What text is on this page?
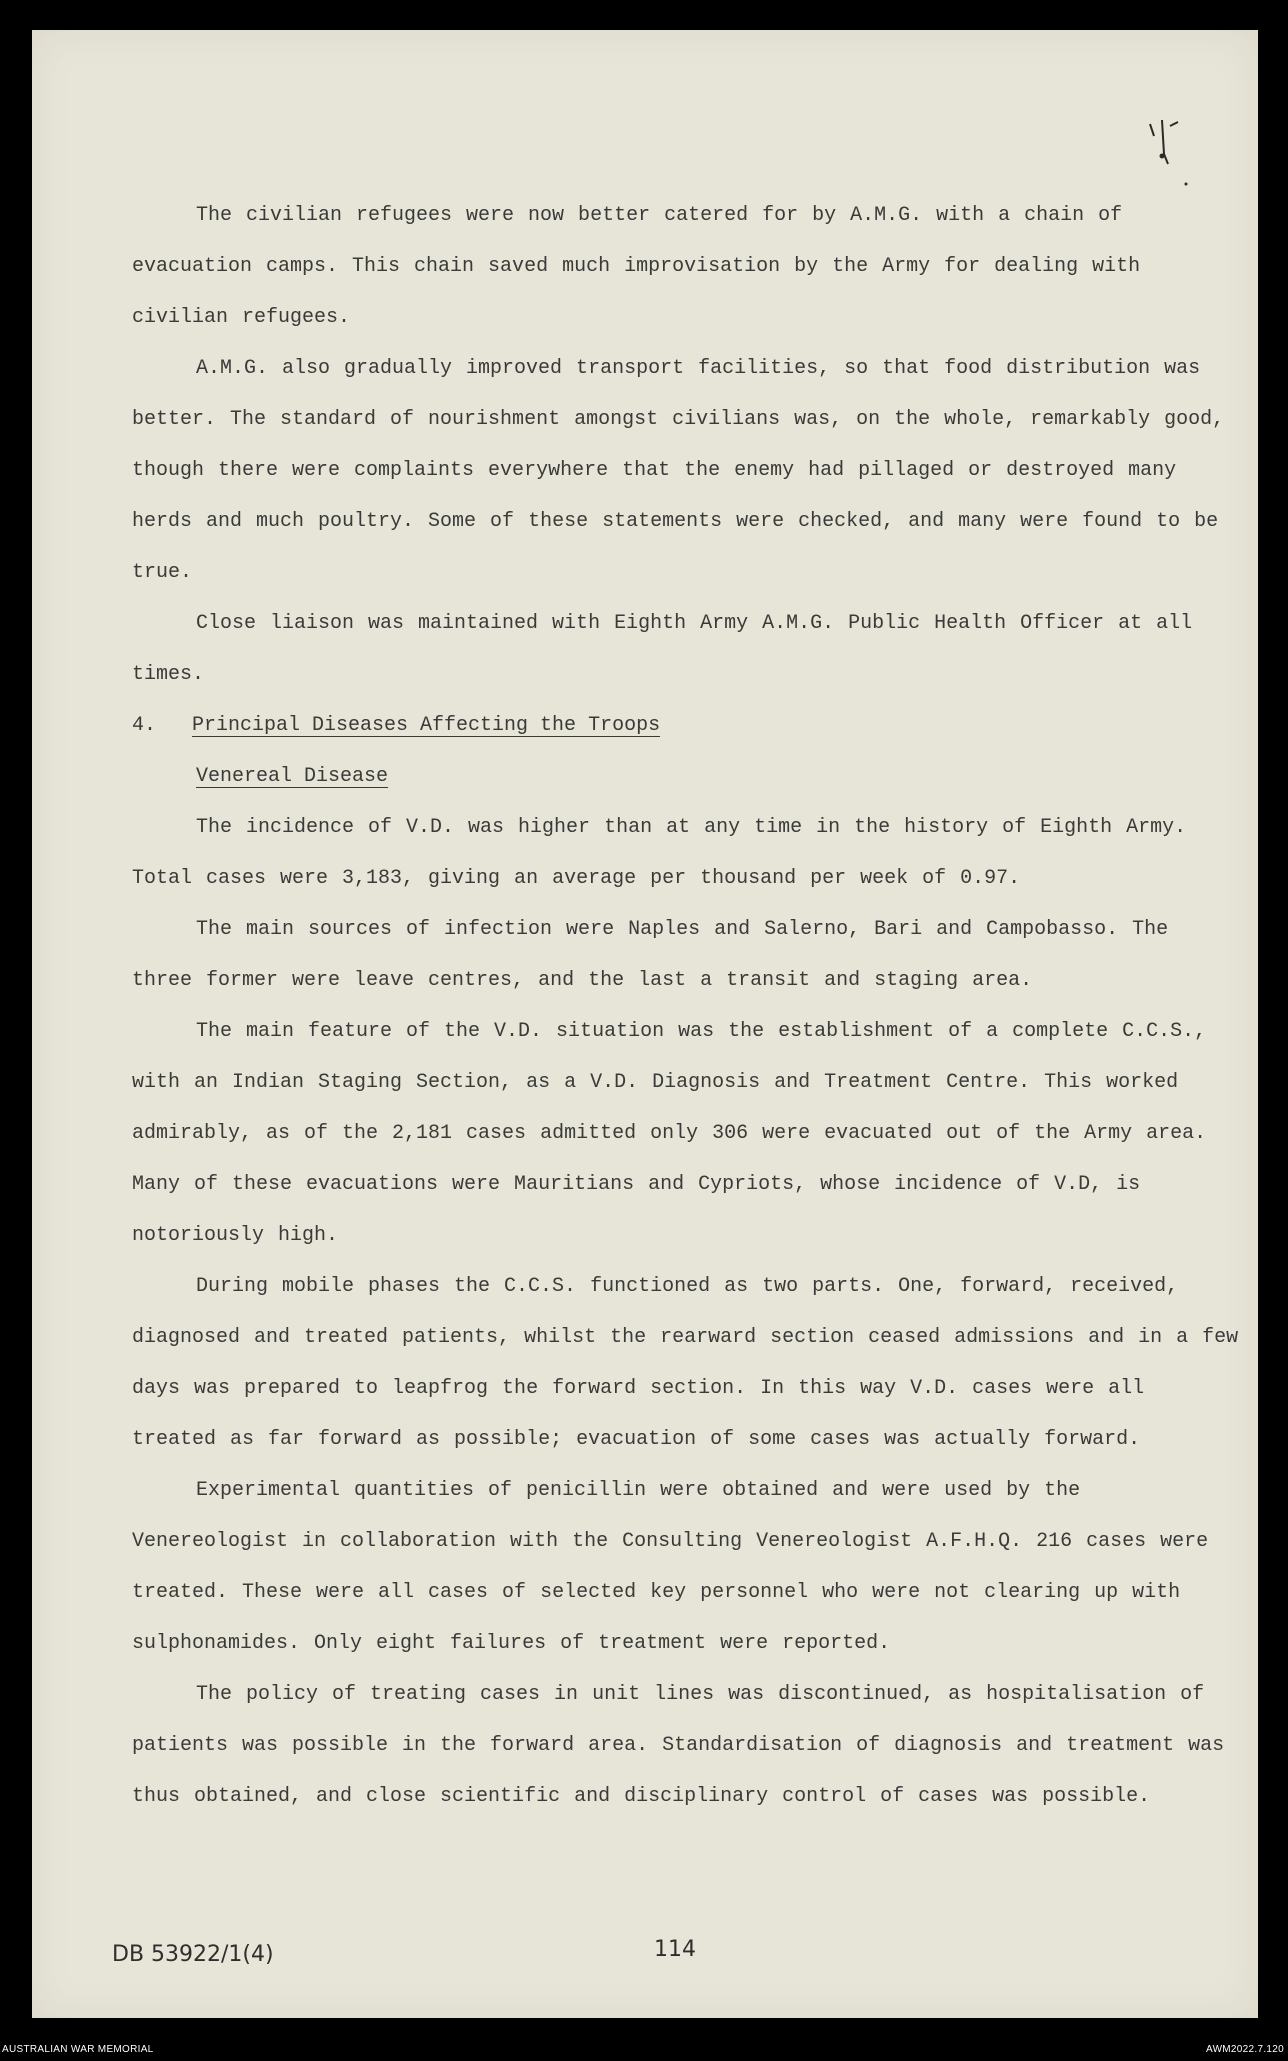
The civilian refugees were now better catered for by A.M.G. with a chain of evacuation camps. This chain saved much improvisation by the Army for dealing with civilian refugees.

A.M.G. also gradually improved transport facilities, so that food distribution was better. The standard of nourishment amongst civilians was, on the whole, remarkably good, though there were complaints everywhere that the enemy had pillaged or destroyed many herds and much poultry. Some of these statements were checked, and many were found to be true.

Close liaison was maintained with Eighth Army A.M.G. Public Health Officer at all times.

4. Principal Diseases Affecting the Troops

Venereal Disease

The incidence of V.D. was higher than at any time in the history of Eighth Army. Total cases were 3,183, giving an average per thousand per week of 0.97.

The main sources of infection were Naples and Salerno, Bari and Campobasso. The three former were leave centres, and the last a transit and staging area.

The main feature of the V.D. situation was the establishment of a complete C.C.S., with an Indian Staging Section, as a V.D. Diagnosis and Treatment Centre. This worked admirably, as of the 2,181 cases admitted only 306 were evacuated out of the Army area. Many of these evacuations were Mauritians and Cypriots, whose incidence of V.D, is notoriously high.

During mobile phases the C.C.S. functioned as two parts. One, forward, received, diagnosed and treated patients, whilst the rearward section ceased admissions and in a few days was prepared to leapfrog the forward section. In this way V.D. cases were all treated as far forward as possible; evacuation of some cases was actually forward.

Experimental quantities of penicillin were obtained and were used by the Venereologist in collaboration with the Consulting Venereologist A.F.H.Q. 216 cases were treated. These were all cases of selected key personnel who were not clearing up with sulphonamides. Only eight failures of treatment were reported.

The policy of treating cases in unit lines was discontinued, as hospitalisation of patients was possible in the forward area. Standardisation of diagnosis and treatment was thus obtained, and close scientific and disciplinary control of cases was possible.

DB 53922/1(4)	114
AUSTRALIAN WAR MEMORIAL	AWM2022.7.120
